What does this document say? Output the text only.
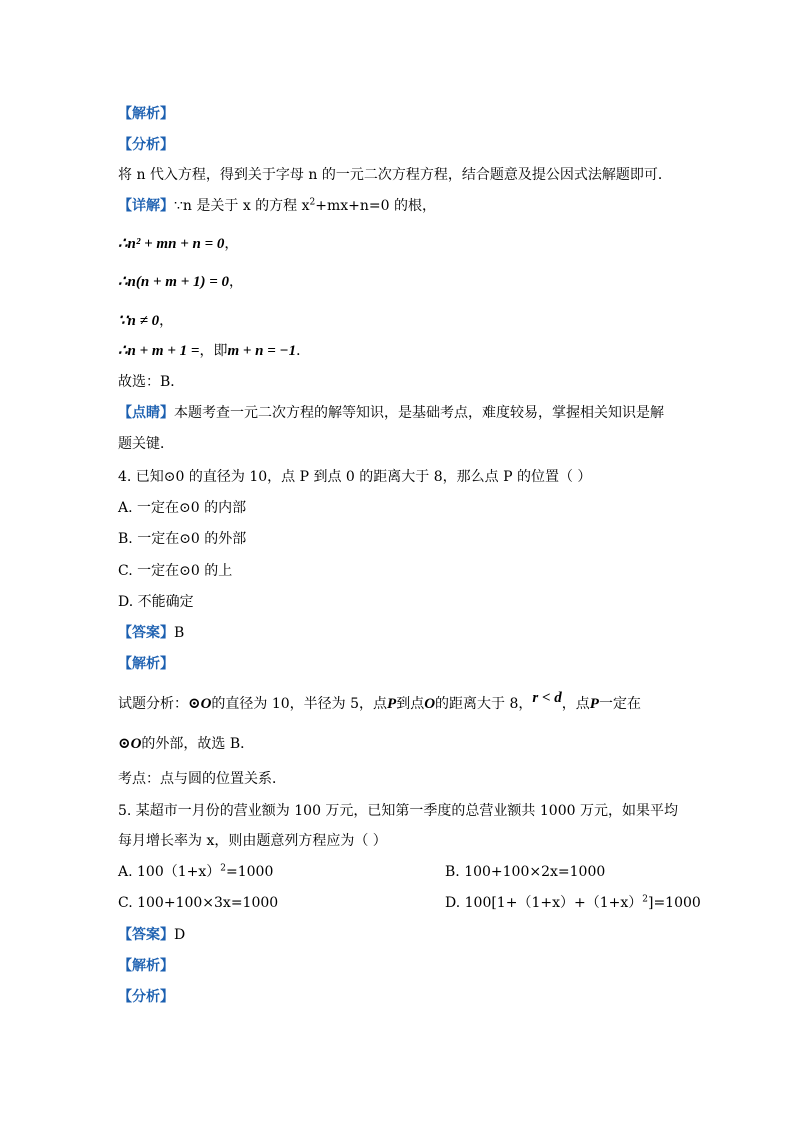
【解析】
【分析】
将 n 代入方程，得到关于字母 n 的一元二次方程方程，结合题意及提公因式法解题即可．
【详解】∵n 是关于 x 的方程 $x^2+mx+n=0$ 的根，
∴n² + mn + n = 0，
∴n(n + m + 1) = 0，
∵n ≠ 0，
∴n + m + 1 =，即m + n = −1．
故选：B．
【点睛】本题考查一元二次方程的解等知识，是基础考点，难度较易，掌握相关知识是解
题关键．
4. 已知⊙0 的直径为 10，点 P 到点 0 的距离大于 8，那么点 P 的位置（ ）
A. 一定在⊙0 的内部
B. 一定在⊙0 的外部
C. 一定在⊙0 的上
D. 不能确定
【答案】B
【解析】
试题分析：⊙O的直径为 10，半径为 5，点P到点O的距离大于 8，r < d，点P一定在
⊙O的外部，故选 B．
考点：点与圆的位置关系．
5. 某超市一月份的营业额为 100 万元，已知第一季度的总营业额共 1000 万元，如果平均
每月增长率为 x，则由题意列方程应为（ ）
A. $100(1+x)^2=1000$	B. 100+100×2x=1000
C. 100+100×3x=1000	D. $100[1+(1+x)+(1+x)^2]=1000$
【答案】D
【解析】
【分析】
